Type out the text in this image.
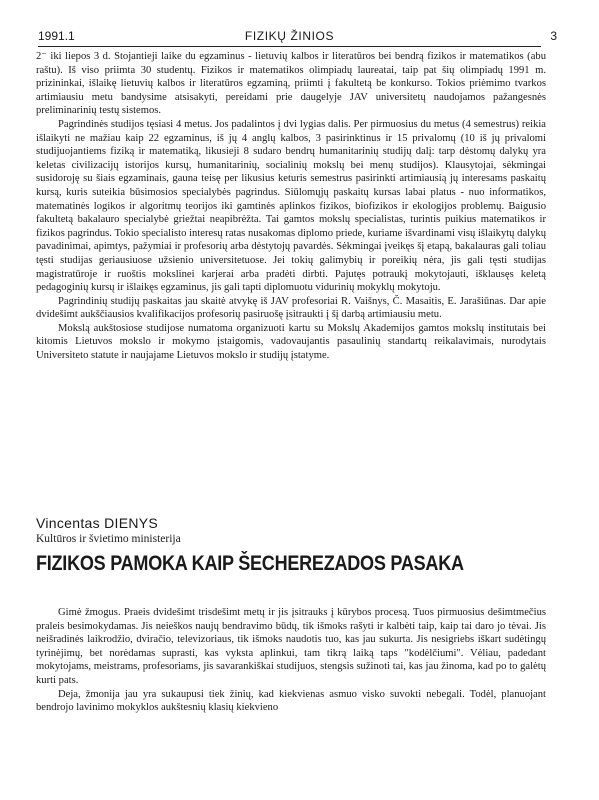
1991.1	FIZIKŲ ŽINIOS	3

2⁻ iki liepos 3 d. Stojantieji laike du egzaminus - lietuvių kalbos ir literatūros bei bendrą fizikos ir matematikos (abu raštu). Iš viso priimta 30 studentų. Fizikos ir matematikos olimpiadų laureatai, taip pat šių olimpiadų 1991 m. prizininkai, išlaikę lietuvių kalbos ir literatūros egzaminą, priimti į fakultetą be konkurso. Tokios priėmimo tvarkos artimiausiu metu bandysime atsisakyti, pereidami prie daugelyje JAV universitetų naudojamos pažangesnės preliminarinių testų sistemos.

Pagrindinės studijos tęsiasi 4 metus. Jos padalintos į dvi lygias dalis. Per pirmuosius du metus (4 semestrus) reikia išlaikyti ne mažiau kaip 22 egzaminus, iš jų 4 anglų kalbos, 3 pasirinktinus ir 15 privalomų (10 iš jų privalomi studijuojantiems fiziką ir matematiką, likusieji 8 sudaro bendrų humanitarinių studijų dalį: tarp dėstomų dalykų yra keletas civilizacijų istorijos kursų, humanitarinių, socialinių mokslų bei menų studijos). Klausytojai, sėkmingai susidoroję su šiais egzaminais, gauna teisę per likusius keturis semestrus pasirinkti artimiausią jų interesams paskaitų kursą, kuris suteikia būsimosios specialybės pagrindus. Siūlomųjų paskaitų kursas labai platus - nuo informatikos, matematinės logikos ir algoritmų teorijos iki gamtinės aplinkos fizikos, biofizikos ir ekologijos problemų. Baigusio fakultetą bakalauro specialybė griežtai neapibrėžta. Tai gamtos mokslų specialistas, turintis puikius matematikos ir fizikos pagrindus. Tokio specialisto interesų ratas nusakomas diplomo priede, kuriame išvardinami visų išlaikytų dalykų pavadinimai, apimtys, pažymiai ir profesorių arba dėstytojų pavardės. Sėkmingai įveikęs šį etapą, bakalauras gali toliau tęsti studijas geriausiuose užsienio universitetuose. Jei tokių galimybių ir poreikių nėra, jis gali tęsti studijas magistratūroje ir ruoštis mokslinei karjerai arba pradėti dirbti. Pajutęs potraukį mokytojauti, išklausęs keletą pedagoginių kursų ir išlaikęs egzaminus, jis gali tapti diplomuotu vidurinių mokyklų mokytoju.

Pagrindinių studijų paskaitas jau skaitė atvykę iš JAV profesoriai R. Vaišnys, Č. Masaitis, E. Jarašiūnas. Dar apie dvidešimt aukščiausios kvalifikacijos profesorių pasiruošę įsitraukti į šį darbą artimiausiu metu.

Mokslą aukštosiose studijose numatoma organizuoti kartu su Mokslų Akademijos gamtos mokslų institutais bei kitomis Lietuvos mokslo ir mokymo įstaigomis, vadovaujantis pasaulinių standartų reikalavimais, nurodytais Universiteto statute ir naujajame Lietuvos mokslo ir studijų įstatyme.

Vincentas DIENYS
Kultūros ir švietimo ministerija
FIZIKOS PAMOKA KAIP ŠECHEREZADOS PASAKA

Gimė žmogus. Praeis dvidešimt trisdešimt metų ir jis įsitrauks į kūrybos procesą. Tuos pirmuosius dešimtmečius praleis besimokydamas. Jis neieškos naujų bendravimo būdų, tik išmoks rašyti ir kalbėti taip, kaip tai daro jo tėvai. Jis neišradinės laikrodžio, dviračio, televizoriaus, tik išmoks naudotis tuo, kas jau sukurta. Jis nesigriebs iškart sudėtingų tyrinėjimų, bet norėdamas suprasti, kas vyksta aplinkui, tam tikrą laiką taps "kodėlčiumi". Vėliau, padedant mokytojams, meistrams, profesoriams, jis savarankiškai studijuos, stengsis sužinoti tai, kas jau žinoma, kad po to galėtų kurti pats.

Deja, žmonija jau yra sukaupusi tiek žinių, kad kiekvienas asmuo visko suvokti nebegali. Todėl, planuojant bendrojo lavinimo mokyklos aukštesnių klasių kiekvieno
